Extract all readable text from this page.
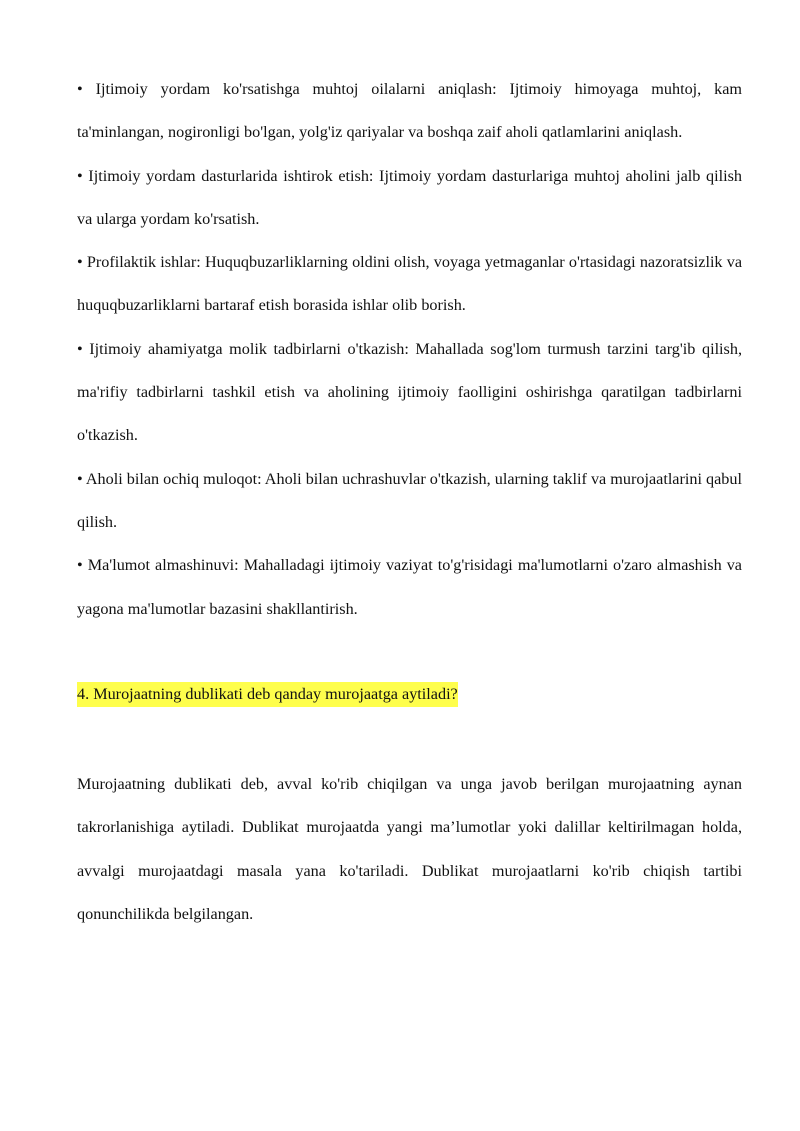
• Ijtimoiy yordam ko'rsatishga muhtoj oilalarni aniqlash: Ijtimoiy himoyaga muhtoj, kam ta'minlangan, nogironligi bo'lgan, yolg'iz qariyalar va boshqa zaif aholi qatlamlarini aniqlash.

• Ijtimoiy yordam dasturlarida ishtirok etish: Ijtimoiy yordam dasturlariga muhtoj aholini jalb qilish va ularga yordam ko'rsatish.

• Profilaktik ishlar: Huquqbuzarliklarning oldini olish, voyaga yetmaganlar o'rtasidagi nazoratsizlik va huquqbuzarliklarni bartaraf etish borasida ishlar olib borish.

• Ijtimoiy ahamiyatga molik tadbirlarni o'tkazish: Mahallada sog'lom turmush tarzini targ'ib qilish, ma'rifiy tadbirlarni tashkil etish va aholining ijtimoiy faolligini oshirishga qaratilgan tadbirlarni o'tkazish.

• Aholi bilan ochiq muloqot: Aholi bilan uchrashuvlar o'tkazish, ularning taklif va murojaatlarini qabul qilish.

• Ma'lumot almashinuvi: Mahalladagi ijtimoiy vaziyat to'g'risidagi ma'lumotlarni o'zaro almashish va yagona ma'lumotlar bazasini shakllantirish.

4. Murojaatning dublikati deb qanday murojaatga aytiladi?

Murojaatning dublikati deb, avval ko'rib chiqilgan va unga javob berilgan murojaatning aynan takrorlanishiga aytiladi. Dublikat murojaatda yangi ma’lumotlar yoki dalillar keltirilmagan holda, avvalgi murojaatdagi masala yana ko'tariladi. Dublikat murojaatlarni ko'rib chiqish tartibi qonunchilikda belgilangan.
